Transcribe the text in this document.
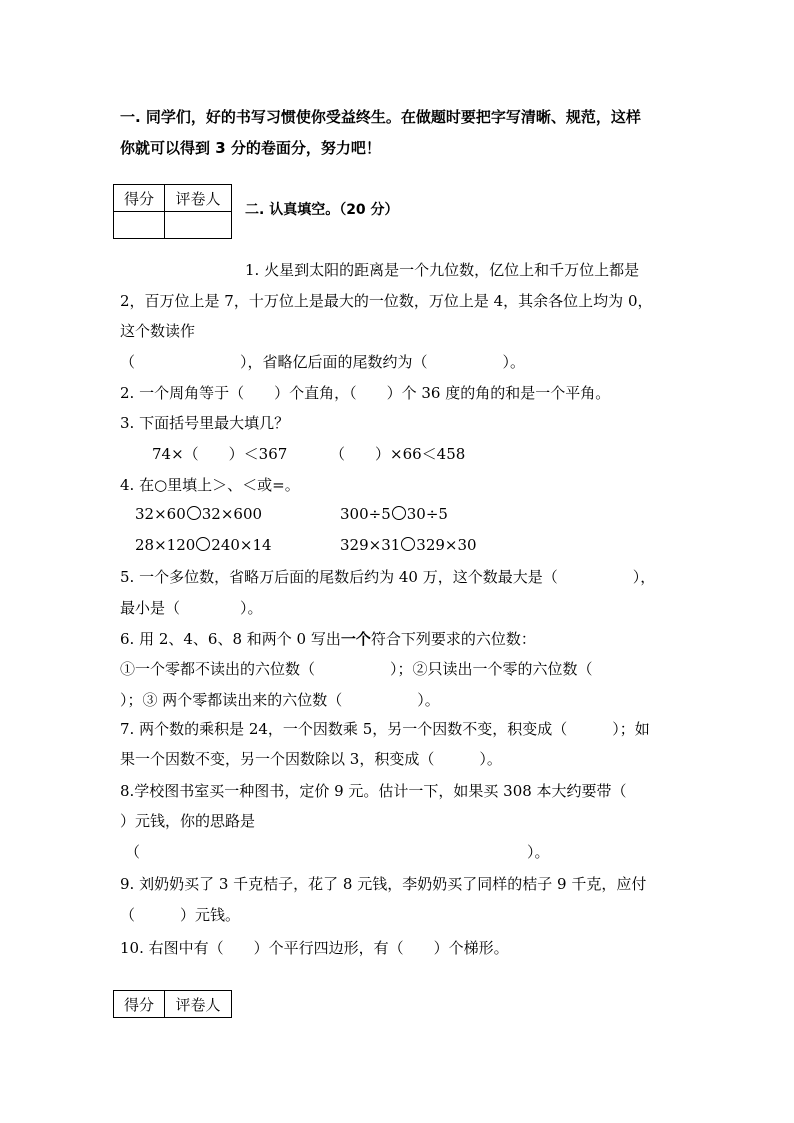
一. 同学们，好的书写习惯使你受益终生。在做题时要把字写清晰、规范，这样
你就可以得到 3 分的卷面分，努力吧！
得分	评卷人

二. 认真填空。（20 分）
1. 火星到太阳的距离是一个九位数，亿位上和千万位上都是
2，百万位上是 7，十万位上是最大的一位数，万位上是 4，其余各位上均为 0，
这个数读作
（　　　　　　　），省略亿后面的尾数约为（　　　　　）。
2. 一个周角等于（　　）个直角，（　　）个 36 度的角的和是一个平角。
3. 下面括号里最大填几？
74×（　　）＜367	（　　）×66＜458
4. 在○里填上＞、＜或=。
32×60 32×600	300÷5 30÷5
28×120 240×14	329×31 329×30
5. 一个多位数，省略万后面的尾数后约为 40 万，这个数最大是（　　　　　），
最小是（　　　　）。
6. 用 2、4、6、8 和两个 0 写出一个符合下列要求的六位数：
①一个零都不读出的六位数（　　　　　）；②只读出一个零的六位数（
）；③ 两个零都读出来的六位数（　　　　　）。
7. 两个数的乘积是 24，一个因数乘 5，另一个因数不变，积变成（　　　）；如
果一个因数不变，另一个因数除以 3，积变成（　　　）。
8.学校图书室买一种图书，定价 9 元。估计一下，如果买 308 本大约要带（
）元钱，你的思路是
（	）。
9. 刘奶奶买了 3 千克桔子，花了 8 元钱，李奶奶买了同样的桔子 9 千克，应付
（　　　）元钱。
10. 右图中有（　　）个平行四边形，有（　　）个梯形。
得分	评卷人
